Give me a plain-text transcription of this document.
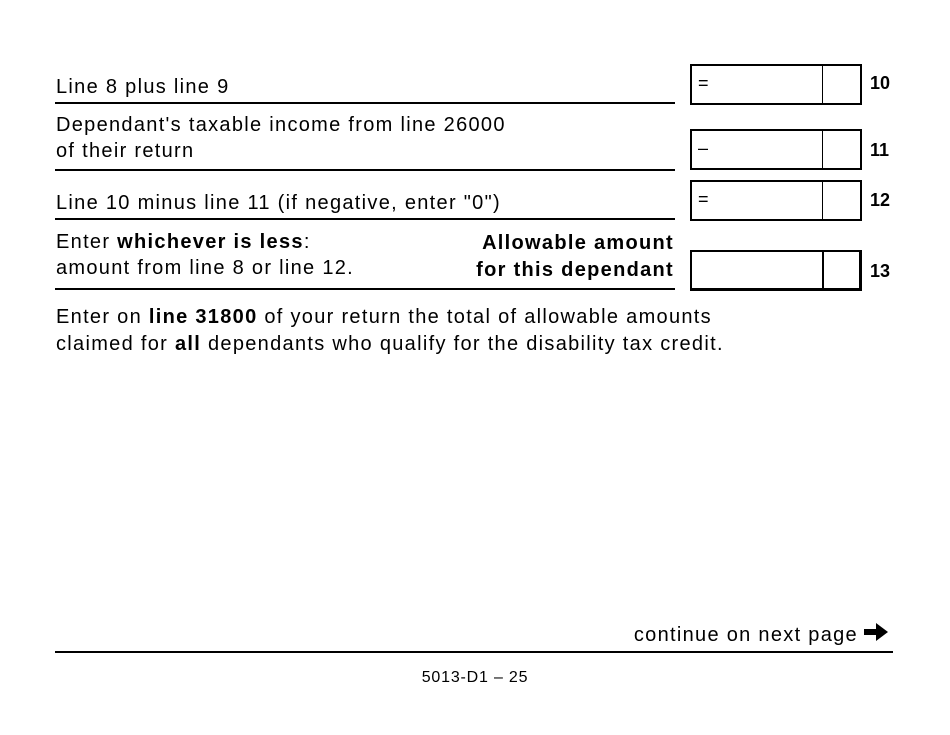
Line 8 plus line 9	=	10
Dependant's taxable income from line 26000
of their return	–	11
Line 10 minus line 11 (if negative, enter "0")	=	12
Enter whichever is less:
amount from line 8 or line 12.
Allowable amount
for this dependant	13
Enter on line 31800 of your return the total of allowable amounts
claimed for all dependants who qualify for the disability tax credit.
continue on next page
5013-D1 – 25
